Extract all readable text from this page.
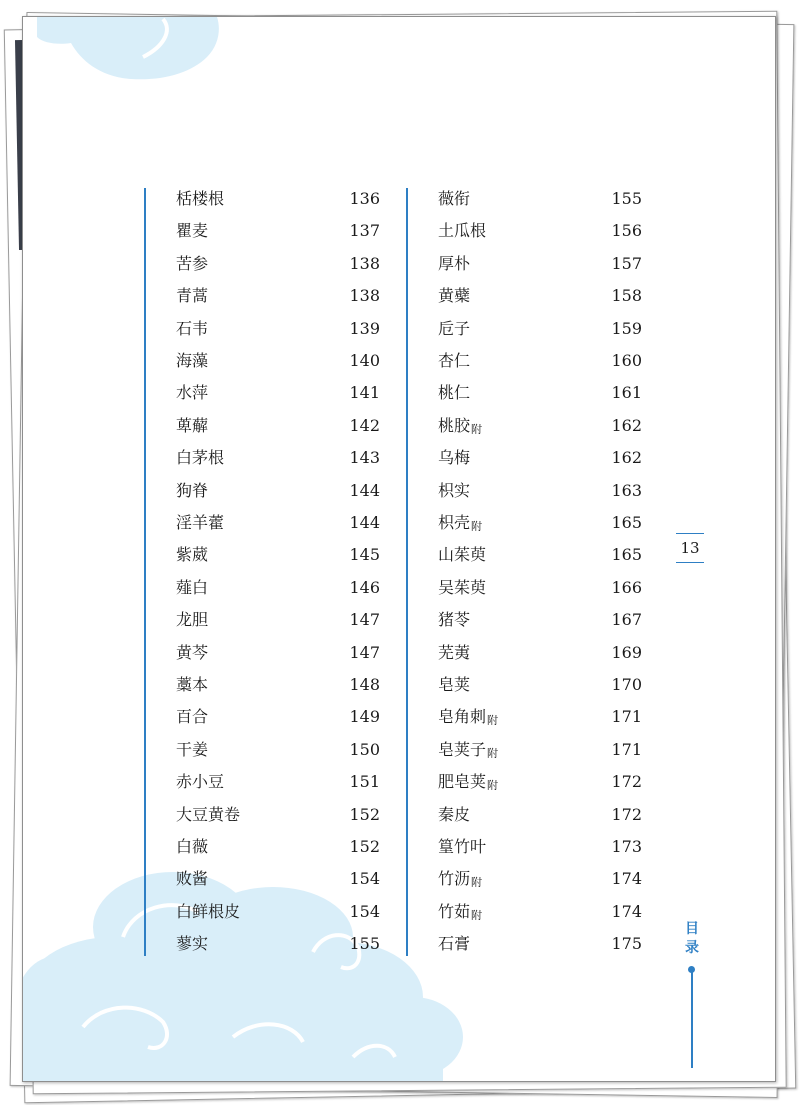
栝楼根	136
瞿麦	137
苦参	138
青蒿	138
石韦	139
海藻	140
水萍	141
萆薢	142
白茅根	143
狗脊	144
淫羊藿	144
紫葳	145
薤白	146
龙胆	147
黄芩	147
藁本	148
百合	149
干姜	150
赤小豆	151
大豆黄卷	152
白薇	152
败酱	154
白鲜根皮	154
蓼实	155
薇衔	155
土瓜根	156
厚朴	157
黄蘗	158
卮子	159
杏仁	160
桃仁	161
桃胶$_附$	162
乌梅	162
枳实	163
枳壳$_附$	165
山茱萸	165
吴茱萸	166
猪苓	167
芜荑	169
皂荚	170
皂角刺$_附$	171
皂荚子$_附$	171
肥皂荚$_附$	172
秦皮	172
篁竹叶	173
竹沥$_附$	174
竹茹$_附$	174
石膏	175
13
目
录
